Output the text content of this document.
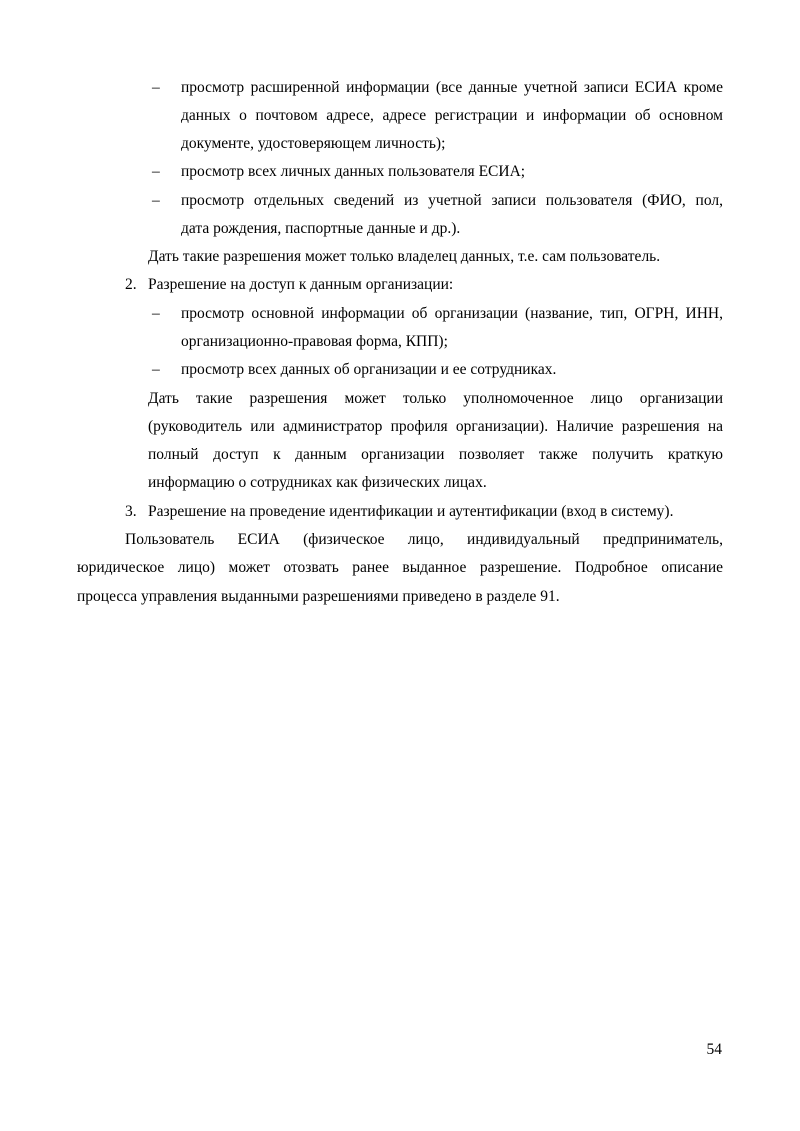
– просмотр расширенной информации (все данные учетной записи ЕСИА кроме
данных о почтовом адресе, адресе регистрации и информации об основном
документе, удостоверяющем личность);
– просмотр всех личных данных пользователя ЕСИА;
– просмотр отдельных сведений из учетной записи пользователя (ФИО, пол,
дата рождения, паспортные данные и др.).
Дать такие разрешения может только владелец данных, т.е. сам пользователь.
2. Разрешение на доступ к данным организации:
– просмотр основной информации об организации (название, тип, ОГРН, ИНН,
организационно-правовая форма, КПП);
– просмотр всех данных об организации и ее сотрудниках.
Дать такие разрешения может только уполномоченное лицо организации
(руководитель или администратор профиля организации). Наличие разрешения на
полный доступ к данным организации позволяет также получить краткую
информацию о сотрудниках как физических лицах.
3. Разрешение на проведение идентификации и аутентификации (вход в систему).
Пользователь ЕСИА (физическое лицо, индивидуальный предприниматель,
юридическое лицо) может отозвать ранее выданное разрешение. Подробное описание
процесса управления выданными разрешениями приведено в разделе 91.
54
